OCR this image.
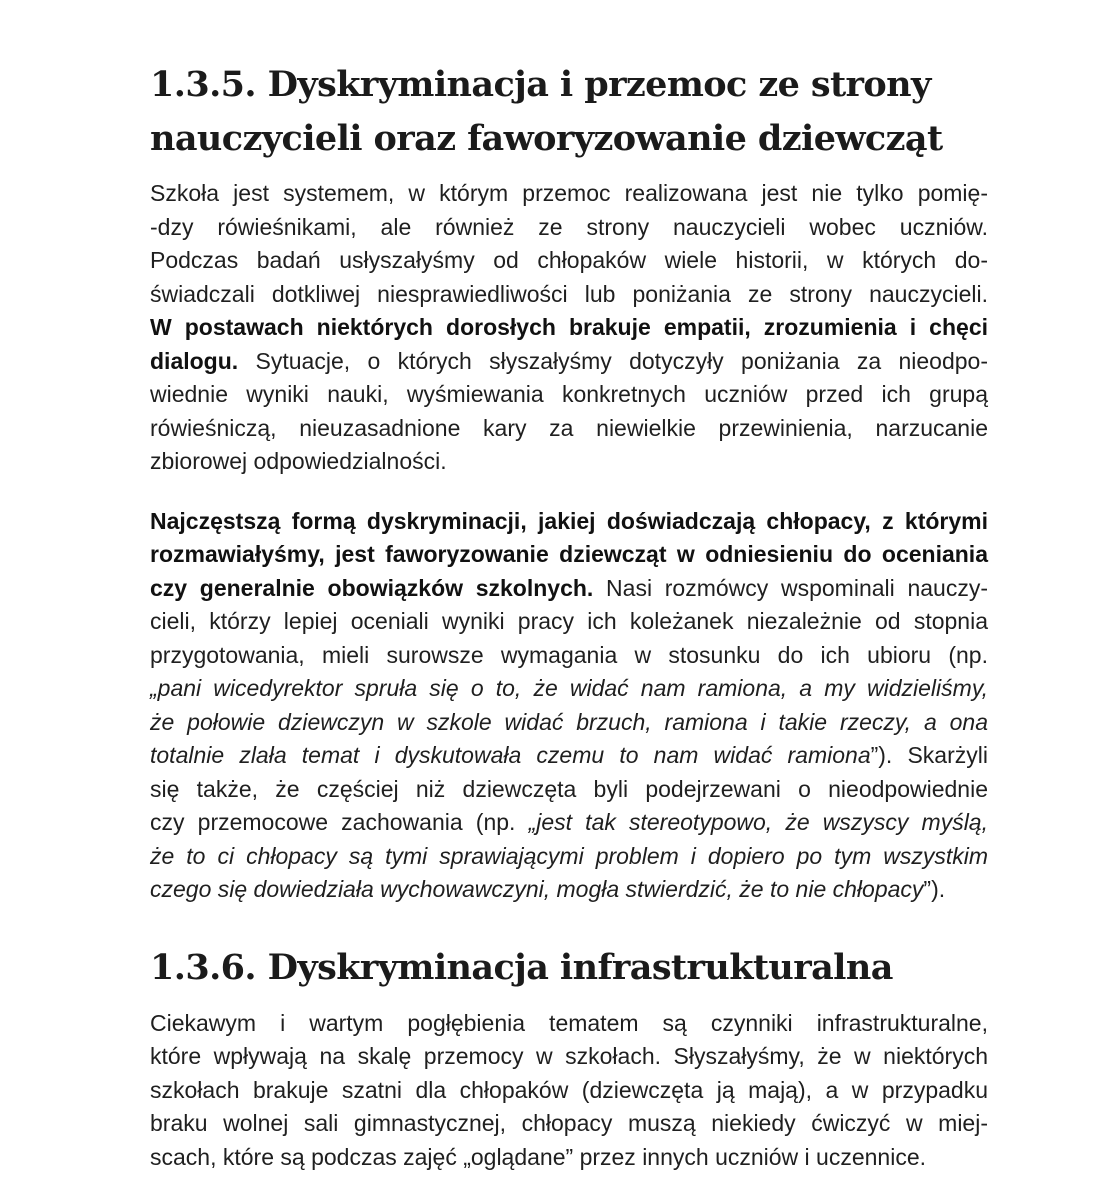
1.3.5. Dyskryminacja i przemoc ze strony
nauczycieli oraz faworyzowanie dziewcząt

Szkoła jest systemem, w którym przemoc realizowana jest nie tylko pomię-
-dzy rówieśnikami, ale również ze strony nauczycieli wobec uczniów.
Podczas badań usłyszałyśmy od chłopaków wiele historii, w których do-
świadczali dotkliwej niesprawiedliwości lub poniżania ze strony nauczycieli.
W postawach niektórych dorosłych brakuje empatii, zrozumienia i chęci
dialogu. Sytuacje, o których słyszałyśmy dotyczyły poniżania za nieodpo-
wiednie wyniki nauki, wyśmiewania konkretnych uczniów przed ich grupą
rówieśniczą, nieuzasadnione kary za niewielkie przewinienia, narzucanie
zbiorowej odpowiedzialności.

Najczęstszą formą dyskryminacji, jakiej doświadczają chłopacy, z którymi
rozmawiałyśmy, jest faworyzowanie dziewcząt w odniesieniu do oceniania
czy generalnie obowiązków szkolnych. Nasi rozmówcy wspominali nauczy-
cieli, którzy lepiej oceniali wyniki pracy ich koleżanek niezależnie od stopnia
przygotowania, mieli surowsze wymagania w stosunku do ich ubioru (np.
„pani wicedyrektor spruła się o to, że widać nam ramiona, a my widzieliśmy,
że połowie dziewczyn w szkole widać brzuch, ramiona i takie rzeczy, a ona
totalnie zlała temat i dyskutowała czemu to nam widać ramiona”). Skarżyli
się także, że częściej niż dziewczęta byli podejrzewani o nieodpowiednie
czy przemocowe zachowania (np. „jest tak stereotypowo, że wszyscy myślą,
że to ci chłopacy są tymi sprawiającymi problem i dopiero po tym wszystkim
czego się dowiedziała wychowawczyni, mogła stwierdzić, że to nie chłopacy”).

1.3.6. Dyskryminacja infrastrukturalna

Ciekawym i wartym pogłębienia tematem są czynniki infrastrukturalne,
które wpływają na skalę przemocy w szkołach. Słyszałyśmy, że w niektórych
szkołach brakuje szatni dla chłopaków (dziewczęta ją mają), a w przypadku
braku wolnej sali gimnastycznej, chłopacy muszą niekiedy ćwiczyć w miej-
scach, które są podczas zajęć „oglądane” przez innych uczniów i uczennice.
